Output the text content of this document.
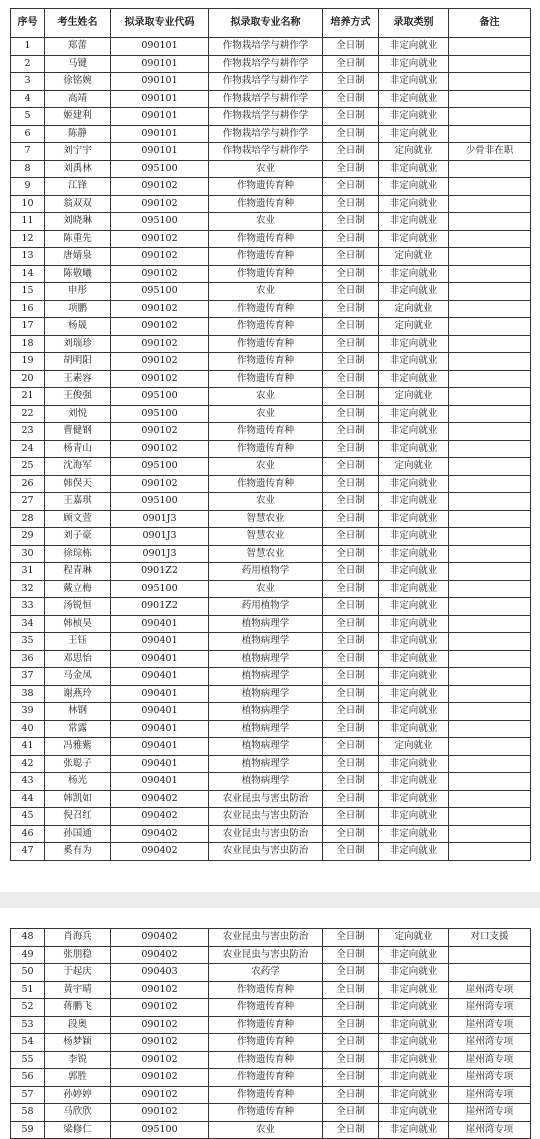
序号	考生姓名	拟录取专业代码	拟录取专业名称	培养方式	录取类别	备注
1	郑蕾	090101	作物栽培学与耕作学	全日制	非定向就业	
2	马键	090101	作物栽培学与耕作学	全日制	非定向就业	
3	徐铭婉	090101	作物栽培学与耕作学	全日制	非定向就业	
4	高靖	090101	作物栽培学与耕作学	全日制	非定向就业	
5	姬建利	090101	作物栽培学与耕作学	全日制	非定向就业	
6	陈静	090101	作物栽培学与耕作学	全日制	非定向就业	
7	刘宁宇	090101	作物栽培学与耕作学	全日制	定向就业	少骨非在职
8	刘禹林	095100	农业	全日制	非定向就业	
9	江锋	090102	作物遗传育种	全日制	非定向就业	
10	翁双双	090102	作物遗传育种	全日制	非定向就业	
11	刘晓琳	095100	农业	全日制	非定向就业	
12	陈重先	090102	作物遗传育种	全日制	非定向就业	
13	唐婧泉	090102	作物遗传育种	全日制	定向就业	
14	陈敬曦	090102	作物遗传育种	全日制	非定向就业	
15	申彤	095100	农业	全日制	非定向就业	
16	项鹏	090102	作物遗传育种	全日制	定向就业	
17	杨晟	090102	作物遗传育种	全日制	定向就业	
18	刘瑞珍	090102	作物遗传育种	全日制	非定向就业	
19	胡明阳	090102	作物遗传育种	全日制	非定向就业	
20	王素容	090102	作物遗传育种	全日制	非定向就业	
21	王俊强	095100	农业	全日制	定向就业	
22	刘悦	095100	农业	全日制	非定向就业	
23	曹健钢	090102	作物遗传育种	全日制	非定向就业	
24	杨青山	090102	作物遗传育种	全日制	非定向就业	
25	沈海军	095100	农业	全日制	定向就业	
26	韩俣天	090102	作物遗传育种	全日制	非定向就业	
27	王嘉琪	095100	农业	全日制	非定向就业	
28	顾文萱	0901J3	智慧农业	全日制	非定向就业	
29	刘子豪	0901J3	智慧农业	全日制	非定向就业	
30	徐琮栋	0901J3	智慧农业	全日制	非定向就业	
31	程青琳	0901Z2	药用植物学	全日制	非定向就业	
32	戴立梅	095100	农业	全日制	非定向就业	
33	汤锐恒	0901Z2	药用植物学	全日制	非定向就业	
34	韩桢昊	090401	植物病理学	全日制	非定向就业	
35	王钰	090401	植物病理学	全日制	非定向就业	
36	邓思怡	090401	植物病理学	全日制	非定向就业	
37	马金凤	090401	植物病理学	全日制	非定向就业	
38	谢燕玲	090401	植物病理学	全日制	非定向就业	
39	林钢	090401	植物病理学	全日制	非定向就业	
40	常露	090401	植物病理学	全日制	非定向就业	
41	冯雅紫	090401	植物病理学	全日制	定向就业	
42	张聪子	090401	植物病理学	全日制	非定向就业	
43	杨光	090401	植物病理学	全日制	非定向就业	
44	韩凯如	090402	农业昆虫与害虫防治	全日制	非定向就业	
45	倪召红	090402	农业昆虫与害虫防治	全日制	非定向就业	
46	孙国通	090402	农业昆虫与害虫防治	全日制	非定向就业	
47	奚有为	090402	农业昆虫与害虫防治	全日制	非定向就业	
48	肖海兵	090402	农业昆虫与害虫防治	全日制	定向就业	对口支援
49	张朋稳	090402	农业昆虫与害虫防治	全日制	非定向就业	
50	于起庆	090403	农药学	全日制	非定向就业	
51	黄宇晴	090102	作物遗传育种	全日制	非定向就业	崖州湾专项
52	蒋鹏飞	090102	作物遗传育种	全日制	非定向就业	崖州湾专项
53	段奥	090102	作物遗传育种	全日制	非定向就业	崖州湾专项
54	杨梦颖	090102	作物遗传育种	全日制	非定向就业	崖州湾专项
55	李锐	090102	作物遗传育种	全日制	非定向就业	崖州湾专项
56	郭胜	090102	作物遗传育种	全日制	非定向就业	崖州湾专项
57	孙婷婷	090102	作物遗传育种	全日制	非定向就业	崖州湾专项
58	马欣欣	090102	作物遗传育种	全日制	非定向就业	崖州湾专项
59	梁修仁	095100	农业	全日制	非定向就业	崖州湾专项
